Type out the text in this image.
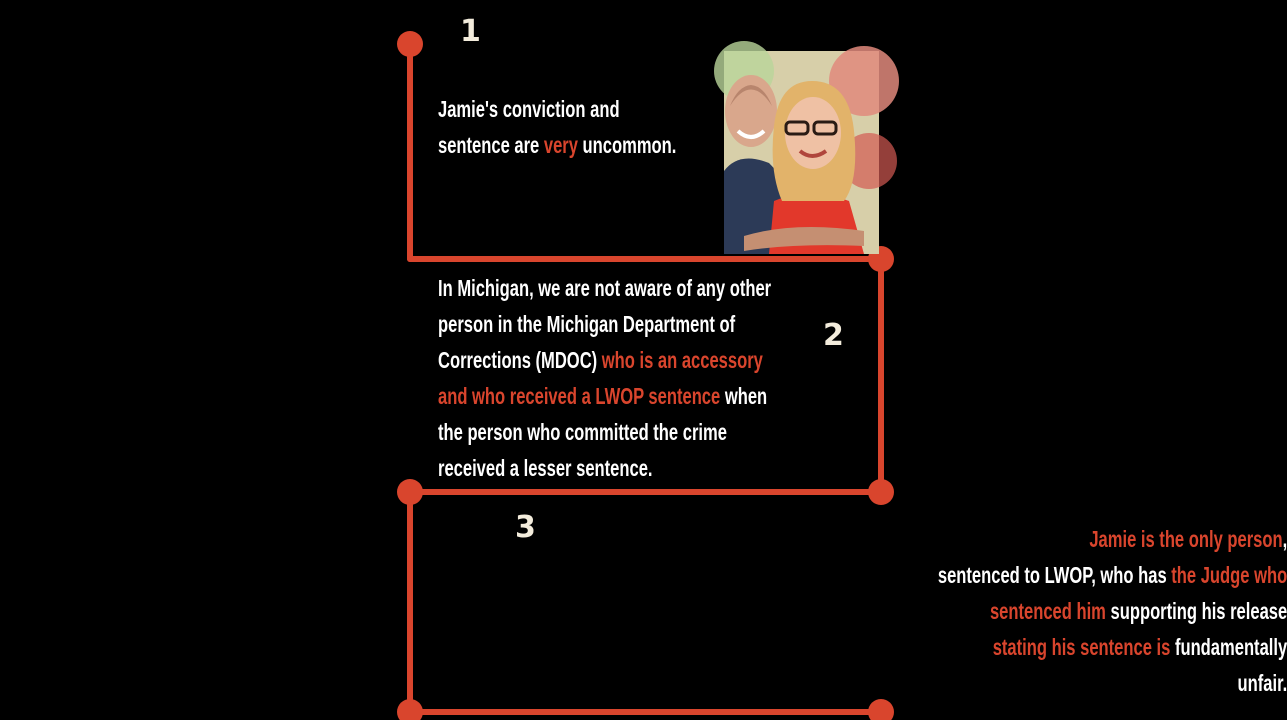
1
2
3
Jamie's conviction and
sentence are very uncommon.
In Michigan, we are not aware of any other
person in the Michigan Department of
Corrections (MDOC) who is an accessory
and who received a LWOP sentence when
the person who committed the crime
received a lesser sentence.
Jamie is the only person,
sentenced to LWOP, who has the Judge who
sentenced him supporting his release
stating his sentence is fundamentally
unfair.
